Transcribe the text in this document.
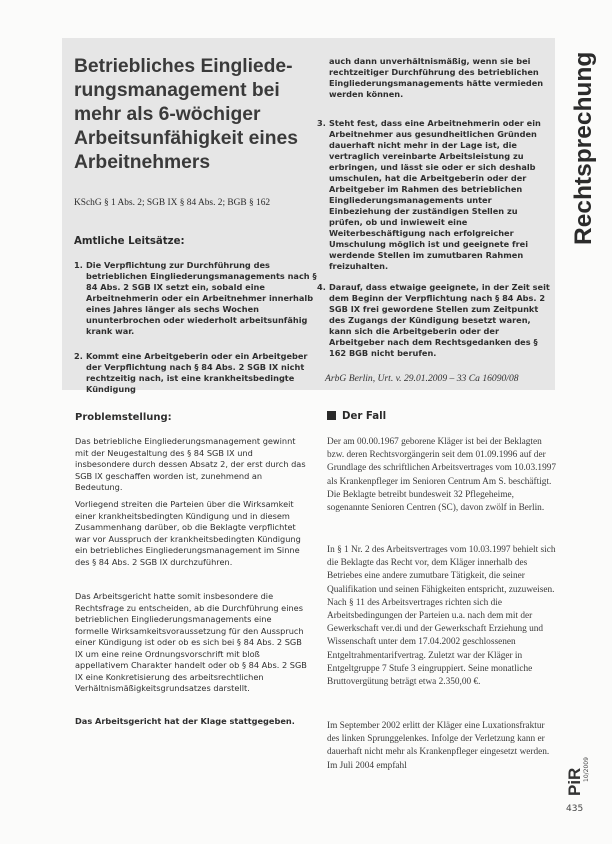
Betriebliches Eingliede-rungsmanagement bei mehr als 6-wöchiger Arbeitsunfähigkeit eines Arbeitnehmers

KSchG § 1 Abs. 2; SGB IX § 84 Abs. 2; BGB § 162

Amtliche Leitsätze:
1. Die Verpflichtung zur Durchführung des betrieblichen Eingliederungsmanagements nach § 84 Abs. 2 SGB IX setzt ein, sobald eine Arbeitnehmerin oder ein Arbeitnehmer innerhalb eines Jahres länger als sechs Wochen ununterbrochen oder wiederholt arbeitsunfähig krank war.
2. Kommt eine Arbeitgeberin oder ein Arbeitgeber der Verpflichtung nach § 84 Abs. 2 SGB IX nicht rechtzeitig nach, ist eine krankheitsbedingte Kündigung
3. Steht fest, dass eine Arbeitnehmerin oder ein Arbeitnehmer aus gesundheitlichen Gründen dauerhaft nicht mehr in der Lage ist, die vertraglich vereinbarte Arbeitsleistung zu erbringen, und lässt sie oder er sich deshalb umschulen, hat die Arbeitgeberin oder der Arbeitgeber im Rahmen des betrieblichen Eingliederungsmanagements unter Einbeziehung der zuständigen Stellen zu prüfen, ob und inwieweit eine Weiterbeschäftigung nach erfolgreicher Umschulung möglich ist und geeignete frei werdende Stellen im zumutbaren Rahmen freizuhalten.
4. Darauf, dass etwaige geeignete, in der Zeit seit dem Beginn der Verpflichtung nach § 84 Abs. 2 SGB IX frei gewordene Stellen zum Zeitpunkt des Zugangs der Kündigung besetzt waren, kann sich die Arbeitgeberin oder der Arbeitgeber nach dem Rechtsgedanken des § 162 BGB nicht berufen.

auch dann unverhältnismäßig, wenn sie bei rechtzeitiger Durchführung des betrieblichen Eingliederungsmanagements hätte vermieden werden können.

ArbG Berlin, Urt. v. 29.01.2009 – 33 Ca 16090/08

Rechtsprechung
Problemstellung:

Das betriebliche Eingliederungsmanagement gewinnt mit der Neugestaltung des § 84 SGB IX und insbesondere durch dessen Absatz 2, der erst durch das SGB IX geschaffen worden ist, zunehmend an Bedeutung.

Vorliegend streiten die Parteien über die Wirksamkeit einer krankheitsbedingten Kündigung und in diesem Zusammenhang darüber, ob die Beklagte verpflichtet war vor Ausspruch der krankheitsbedingten Kündigung ein betriebliches Eingliederungsmanagement im Sinne des § 84 Abs. 2 SGB IX durchzuführen.

Das Arbeitsgericht hatte somit insbesondere die Rechtsfrage zu entscheiden, ab die Durchführung eines betrieblichen Eingliederungsmanagements eine formelle Wirksamkeitsvoraussetzung für den Ausspruch einer Kündigung ist oder ob es sich bei § 84 Abs. 2 SGB IX um eine reine Ordnungsvorschrift mit bloß appellativem Charakter handelt oder ob § 84 Abs. 2 SGB IX eine Konkretisierung des arbeitsrechtlichen Verhältnismäßigkeitsgrundsatzes darstellt.

Das Arbeitsgericht hat der Klage stattgegeben.

Der Fall

Der am 00.00.1967 geborene Kläger ist bei der Beklagten bzw. deren Rechtsvorgängerin seit dem 01.09.1996 auf der Grundlage des schriftlichen Arbeitsvertrages vom 10.03.1997 als Krankenpfleger im Senioren Centrum Am S. beschäftigt. Die Beklagte betreibt bundesweit 32 Pflegeheime, sogenannte Senioren Centren (SC), davon zwölf in Berlin.

In § 1 Nr. 2 des Arbeitsvertrages vom 10.03.1997 behielt sich die Beklagte das Recht vor, dem Kläger innerhalb des Betriebes eine andere zumutbare Tätigkeit, die seiner Qualifikation und seinen Fähigkeiten entspricht, zuzuweisen. Nach § 11 des Arbeitsvertrages richten sich die Arbeitsbedingungen der Parteien u.a. nach dem mit der Gewerkschaft ver.di und der Gewerkschaft Erziehung und Wissenschaft unter dem 17.04.2002 geschlossenen Entgeltrahmentarifvertrag. Zuletzt war der Kläger in Entgeltgruppe 7 Stufe 3 eingruppiert. Seine monatliche Bruttovergütung beträgt etwa 2.350,00 €.

Im September 2002 erlitt der Kläger eine Luxationsfraktur des linken Sprunggelenkes. Infolge der Verletzung kann er dauerhaft nicht mehr als Krankenpfleger eingesetzt werden. Im Juli 2004 empfahl

PiR 10/2009

435
